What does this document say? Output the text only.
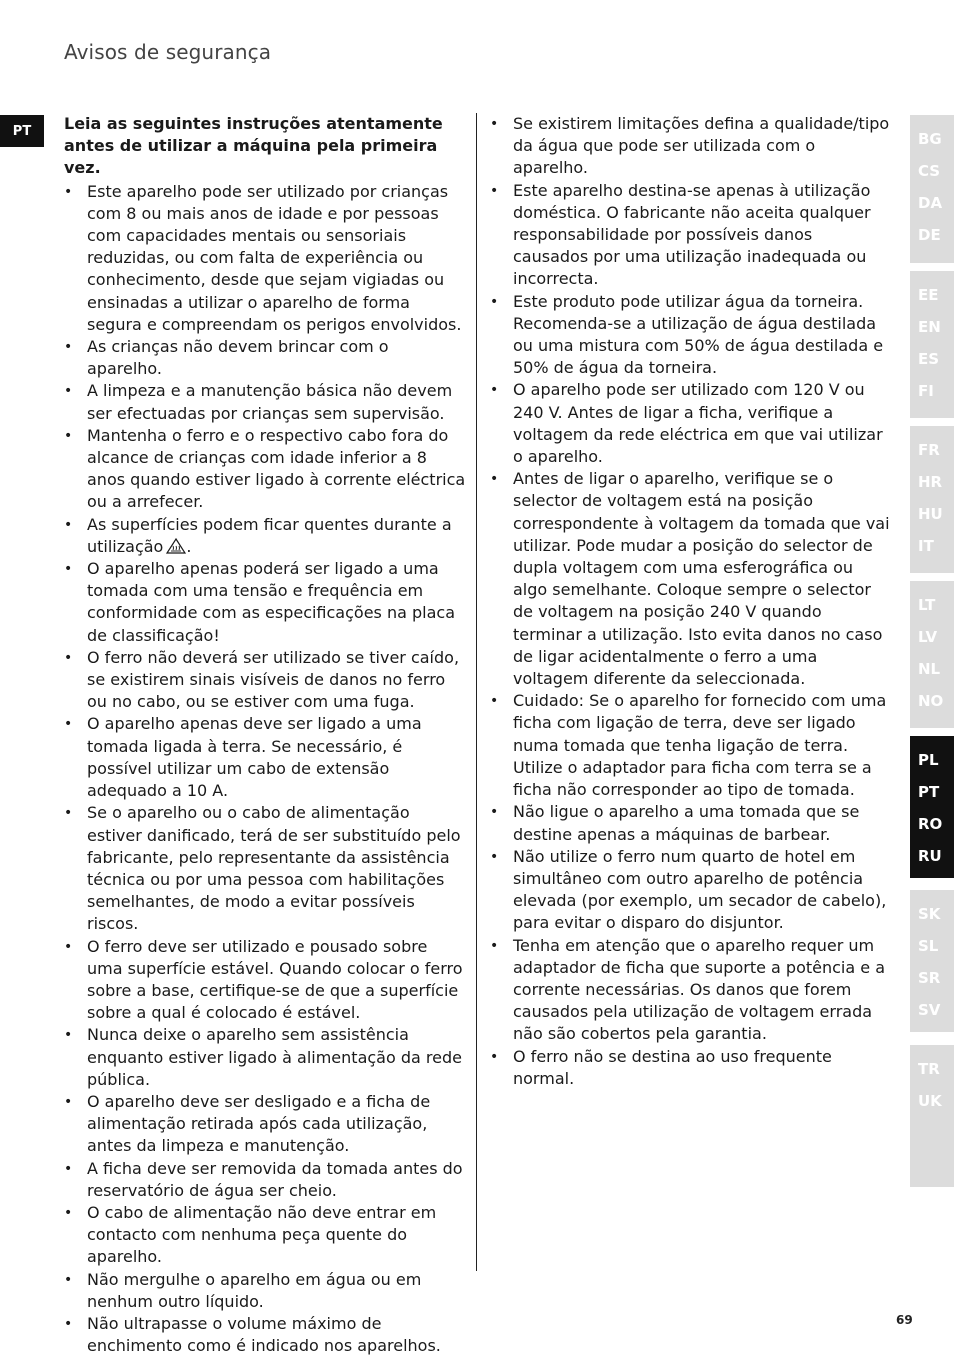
Avisos de segurança
PT	Leia as seguintes instruções atentamente antes de utilizar a máquina pela primeira vez.

• Este aparelho pode ser utilizado por crianças com 8 ou mais anos de idade e por pessoas com capacidades mentais ou sensoriais reduzidas, ou com falta de experiência ou conhecimento, desde que sejam vigiadas ou ensinadas a utilizar o aparelho de forma segura e compreendam os perigos envolvidos.
• As crianças não devem brincar com o aparelho.
• A limpeza e a manutenção básica não devem ser efectuadas por crianças sem supervisão.
• Mantenha o ferro e o respectivo cabo fora do alcance de crianças com idade inferior a 8 anos quando estiver ligado à corrente eléctrica ou a arrefecer.
• As superfícies podem ficar quentes durante a utilização .
• O aparelho apenas poderá ser ligado a uma tomada com uma tensão e frequência em conformidade com as especificações na placa de classificação!
• O ferro não deverá ser utilizado se tiver caído, se existirem sinais visíveis de danos no ferro ou no cabo, ou se estiver com uma fuga.
• O aparelho apenas deve ser ligado a uma tomada ligada à terra. Se necessário, é possível utilizar um cabo de extensão adequado a 10 A.
• Se o aparelho ou o cabo de alimentação estiver danificado, terá de ser substituído pelo fabricante, pelo representante da assistência técnica ou por uma pessoa com habilitações semelhantes, de modo a evitar possíveis riscos.
• O ferro deve ser utilizado e pousado sobre uma superfície estável. Quando colocar o ferro sobre a base, certifique-se de que a superfície sobre a qual é colocado é estável.
• Nunca deixe o aparelho sem assistência enquanto estiver ligado à alimentação da rede pública.
• O aparelho deve ser desligado e a ficha de alimentação retirada após cada utilização, antes da limpeza e manutenção.
• A ficha deve ser removida da tomada antes do reservatório de água ser cheio.
• O cabo de alimentação não deve entrar em contacto com nenhuma peça quente do aparelho.
• Não mergulhe o aparelho em água ou em nenhum outro líquido.
• Não ultrapasse o volume máximo de enchimento como é indicado nos aparelhos.
• Se existirem limitações defina a qualidade/tipo da água que pode ser utilizada com o aparelho.
• Este aparelho destina-se apenas à utilização doméstica. O fabricante não aceita qualquer responsabilidade por possíveis danos causados por uma utilização inadequada ou incorrecta.
• Este produto pode utilizar água da torneira. Recomenda-se a utilização de água destilada ou uma mistura com 50% de água destilada e 50% de água da torneira.
• O aparelho pode ser utilizado com 120 V ou 240 V. Antes de ligar a ficha, verifique a voltagem da rede eléctrica em que vai utilizar o aparelho.
• Antes de ligar o aparelho, verifique se o selector de voltagem está na posição correspondente à voltagem da tomada que vai utilizar. Pode mudar a posição do selector de dupla voltagem com uma esferográfica ou algo semelhante. Coloque sempre o selector de voltagem na posição 240 V quando terminar a utilização. Isto evita danos no caso de ligar acidentalmente o ferro a uma voltagem diferente da seleccionada.
• Cuidado: Se o aparelho for fornecido com uma ficha com ligação de terra, deve ser ligado numa tomada que tenha ligação de terra. Utilize o adaptador para ficha com terra se a ficha não corresponder ao tipo de tomada.
• Não ligue o aparelho a uma tomada que se destine apenas a máquinas de barbear.
• Não utilize o ferro num quarto de hotel em simultâneo com outro aparelho de potência elevada (por exemplo, um secador de cabelo), para evitar o disparo do disjuntor.
• Tenha em atenção que o aparelho requer um adaptador de ficha que suporte a potência e a corrente necessárias. Os danos que forem causados pela utilização de voltagem errada não são cobertos pela garantia.
• O ferro não se destina ao uso frequente normal.
BG
CS
DA
DE
EE
EN
ES
FI
FR
HR
HU
IT
LT
LV
NL
NO
PL
PT
RO
RU
SK
SL
SR
SV
TR
UK
69
